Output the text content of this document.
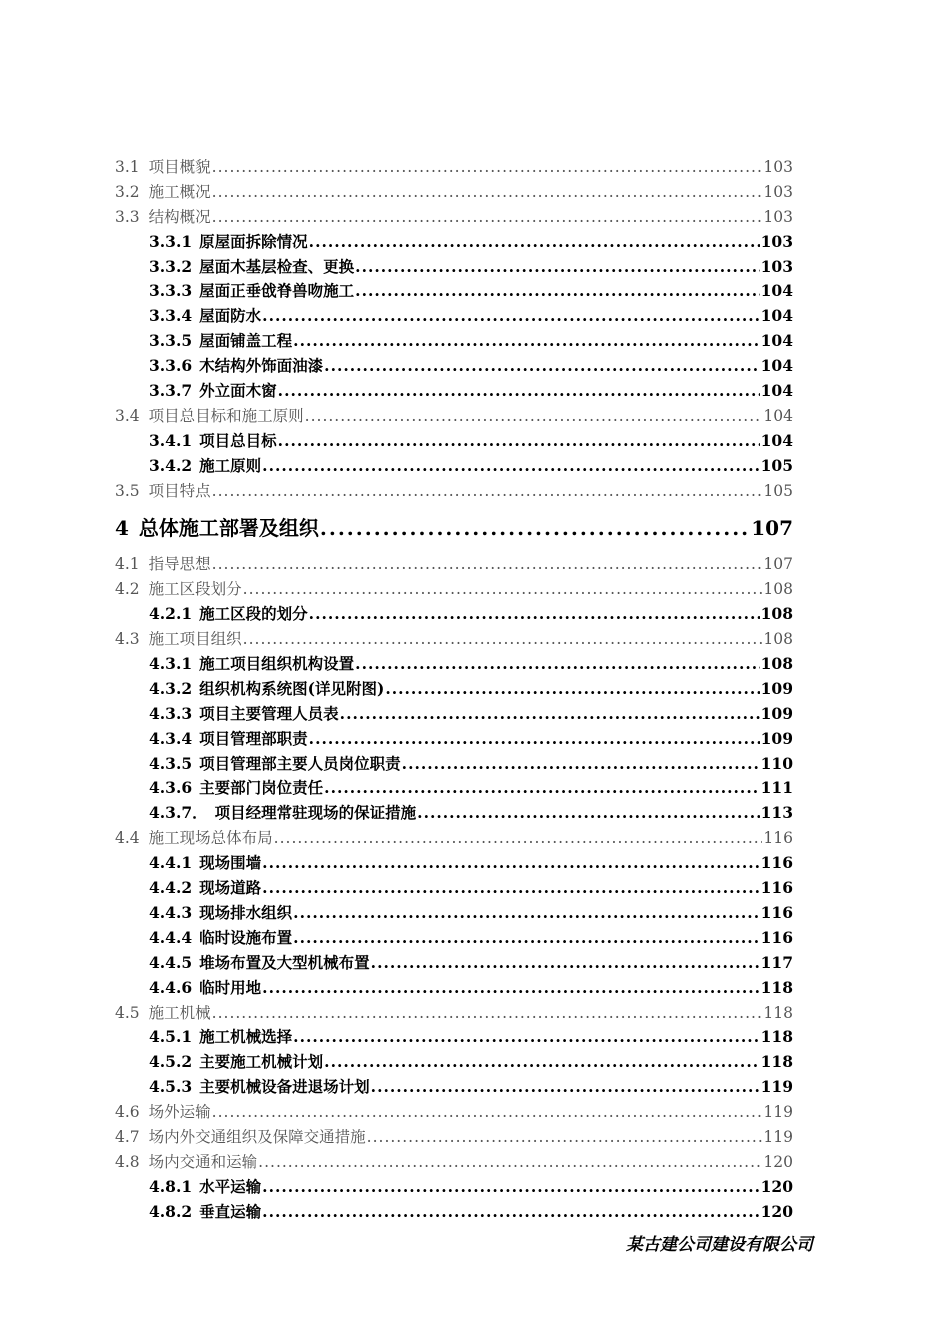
3.1 项目概貌 .....	103
3.2 施工概况 .....	103
3.3 结构概况 .....	103
3.3.1 原屋面拆除情况 .....	103
3.3.2 屋面木基层检查、更换 .....	103
3.3.3 屋面正垂戗脊兽吻施工 .....	104
3.3.4 屋面防水 .....	104
3.3.5 屋面铺盖工程 .....	104
3.3.6 木结构外饰面油漆 .....	104
3.3.7 外立面木窗 .....	104
3.4 项目总目标和施工原则 .....	104
3.4.1 项目总目标 .....	104
3.4.2 施工原则 .....	105
3.5 项目特点 .....	105
4 总体施工部署及组织 .....	107
4.1 指导思想 .....	107
4.2 施工区段划分 .....	108
4.2.1 施工区段的划分 .....	108
4.3 施工项目组织 .....	108
4.3.1 施工项目组织机构设置 .....	108
4.3.2 组织机构系统图(详见附图) .....	109
4.3.3 项目主要管理人员表 .....	109
4.3.4 项目管理部职责 .....	109
4.3.5 项目管理部主要人员岗位职责 .....	110
4.3.6 主要部门岗位责任 .....	111
4.3.7． 项目经理常驻现场的保证措施 .....	113
4.4 施工现场总体布局 .....	116
4.4.1 现场围墙 .....	116
4.4.2 现场道路 .....	116
4.4.3 现场排水组织 .....	116
4.4.4 临时设施布置 .....	116
4.4.5 堆场布置及大型机械布置 .....	117
4.4.6 临时用地 .....	118
4.5 施工机械 .....	118
4.5.1 施工机械选择 .....	118
4.5.2 主要施工机械计划 .....	118
4.5.3 主要机械设备进退场计划 .....	119
4.6 场外运输 .....	119
4.7 场内外交通组织及保障交通措施 .....	119
4.8 场内交通和运输 .....	120
4.8.1 水平运输 .....	120
4.8.2 垂直运输 .....	120
某古建公司建设有限公司
